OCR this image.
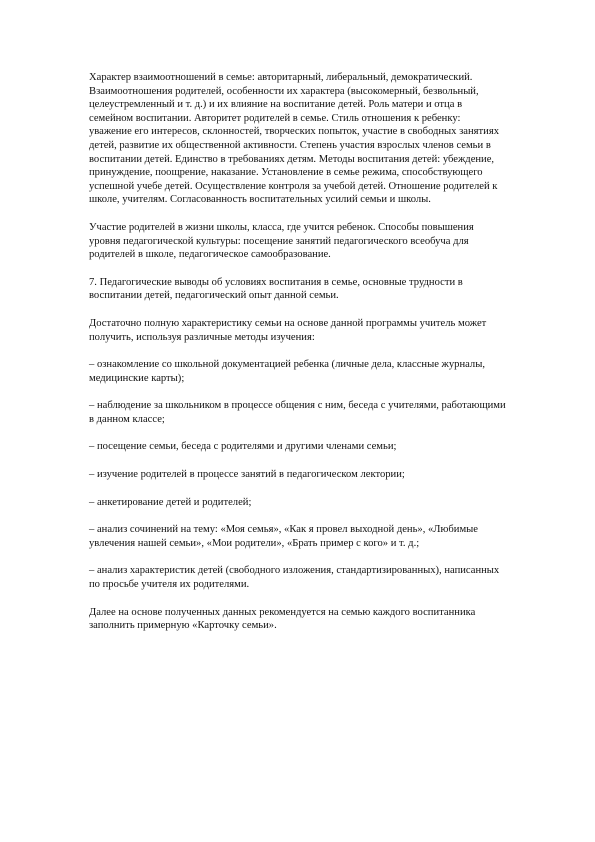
Характер взаимоотношений в семье: авторитарный, либеральный, демократический.
Взаимоотношения родителей, особенности их характера (высокомерный, безвольный,
целеустремленный и т. д.) и их влияние на воспитание детей. Роль матери и отца в
семейном воспитании. Авторитет родителей в семье. Стиль отношения к ребенку:
уважение его интересов, склонностей, творческих попыток, участие в свободных занятиях
детей, развитие их общественной активности. Степень участия взрослых членов семьи в
воспитании детей. Единство в требованиях детям. Методы воспитания детей: убеждение,
принуждение, поощрение, наказание. Установление в семье режима, способствующего
успешной учебе детей. Осуществление контроля за учебой детей. Отношение родителей к
школе, учителям. Согласованность воспитательных усилий семьи и школы.

Участие родителей в жизни школы, класса, где учится ребенок. Способы повышения
уровня педагогической культуры: посещение занятий педагогического всеобуча для
родителей в школе, педагогическое самообразование.

7. Педагогические выводы об условиях воспитания в семье, основные трудности в
воспитании детей, педагогический опыт данной семьи.

Достаточно полную характеристику семьи на основе данной программы учитель может
получить, используя различные методы изучения:

– ознакомление со школьной документацией ребенка (личные дела, классные журналы,
медицинские карты);

– наблюдение за школьником в процессе общения с ним, беседа с учителями, работающими
в данном классе;

– посещение семьи, беседа с родителями и другими членами семьи;

– изучение родителей в процессе занятий в педагогическом лектории;

– анкетирование детей и родителей;

– анализ сочинений на тему: «Моя семья», «Как я провел выходной день», «Любимые
увлечения нашей семьи», «Мои родители», «Брать пример с кого» и т. д.;

– анализ характеристик детей (свободного изложения, стандартизированных), написанных
по просьбе учителя их родителями.

Далее на основе полученных данных рекомендуется на семью каждого воспитанника
заполнить примерную «Карточку семьи».
